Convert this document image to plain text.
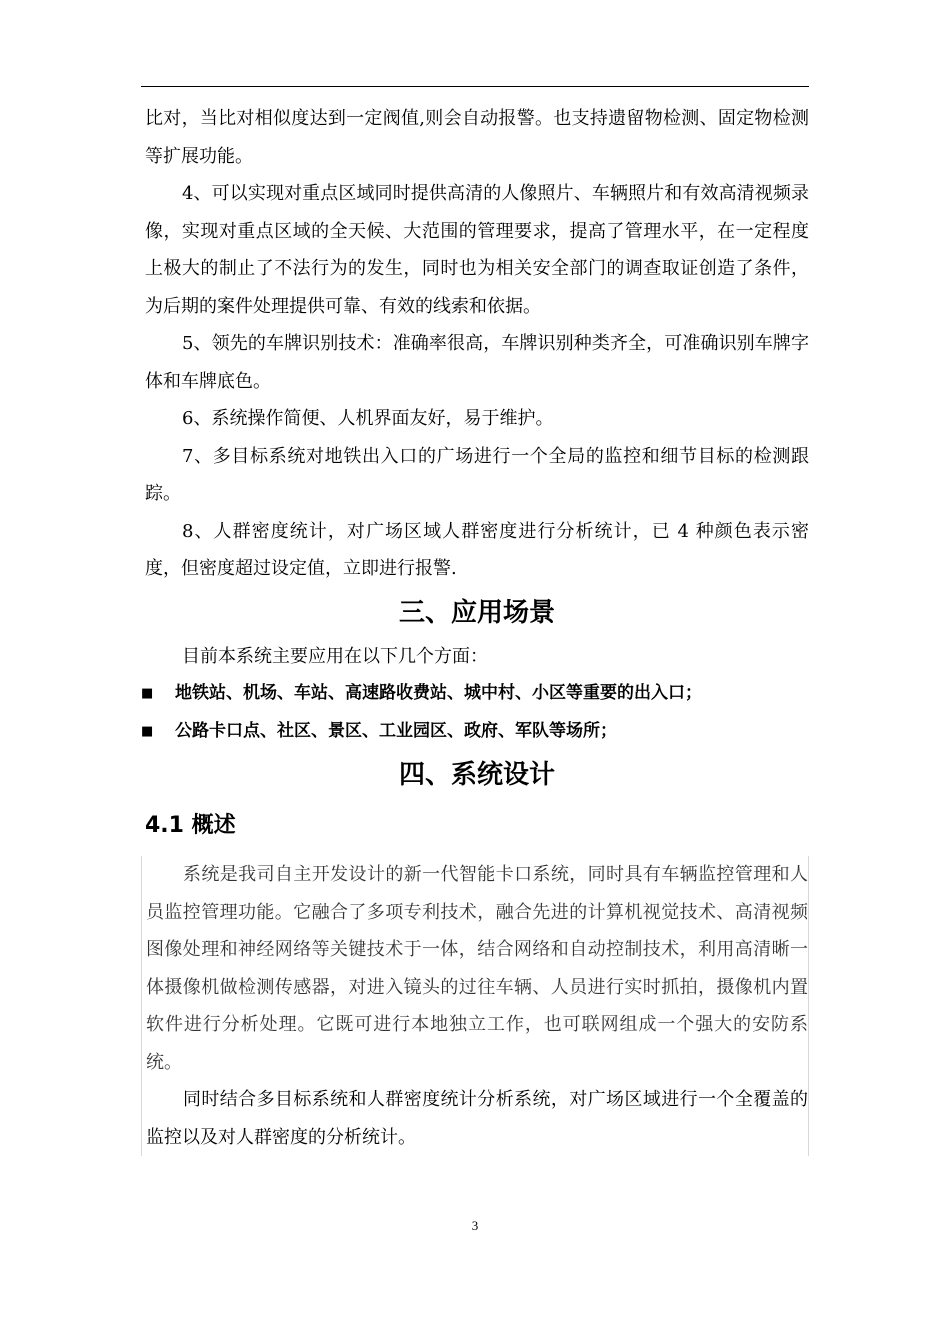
比对，当比对相似度达到一定阀值,则会自动报警。也支持遗留物检测、固定物检测等扩展功能。

4、可以实现对重点区域同时提供高清的人像照片、车辆照片和有效高清视频录像，实现对重点区域的全天候、大范围的管理要求，提高了管理水平，在一定程度上极大的制止了不法行为的发生，同时也为相关安全部门的调查取证创造了条件，为后期的案件处理提供可靠、有效的线索和依据。

5、领先的车牌识别技术：准确率很高，车牌识别种类齐全，可准确识别车牌字体和车牌底色。

6、系统操作简便、人机界面友好，易于维护。

7、多目标系统对地铁出入口的广场进行一个全局的监控和细节目标的检测跟踪。

8、人群密度统计，对广场区域人群密度进行分析统计，已 4 种颜色表示密度，但密度超过设定值，立即进行报警.

三、应用场景

目前本系统主要应用在以下几个方面：

■ 地铁站、机场、车站、高速路收费站、城中村、小区等重要的出入口；
■ 公路卡口点、社区、景区、工业园区、政府、军队等场所；
四、系统设计
4.1 概述

系统是我司自主开发设计的新一代智能卡口系统，同时具有车辆监控管理和人员监控管理功能。它融合了多项专利技术，融合先进的计算机视觉技术、高清视频图像处理和神经网络等关键技术于一体，结合网络和自动控制技术，利用高清晰一体摄像机做检测传感器，对进入镜头的过往车辆、人员进行实时抓拍，摄像机内置软件进行分析处理。它既可进行本地独立工作，也可联网组成一个强大的安防系统。

同时结合多目标系统和人群密度统计分析系统，对广场区域进行一个全覆盖的监控以及对人群密度的分析统计。

3
